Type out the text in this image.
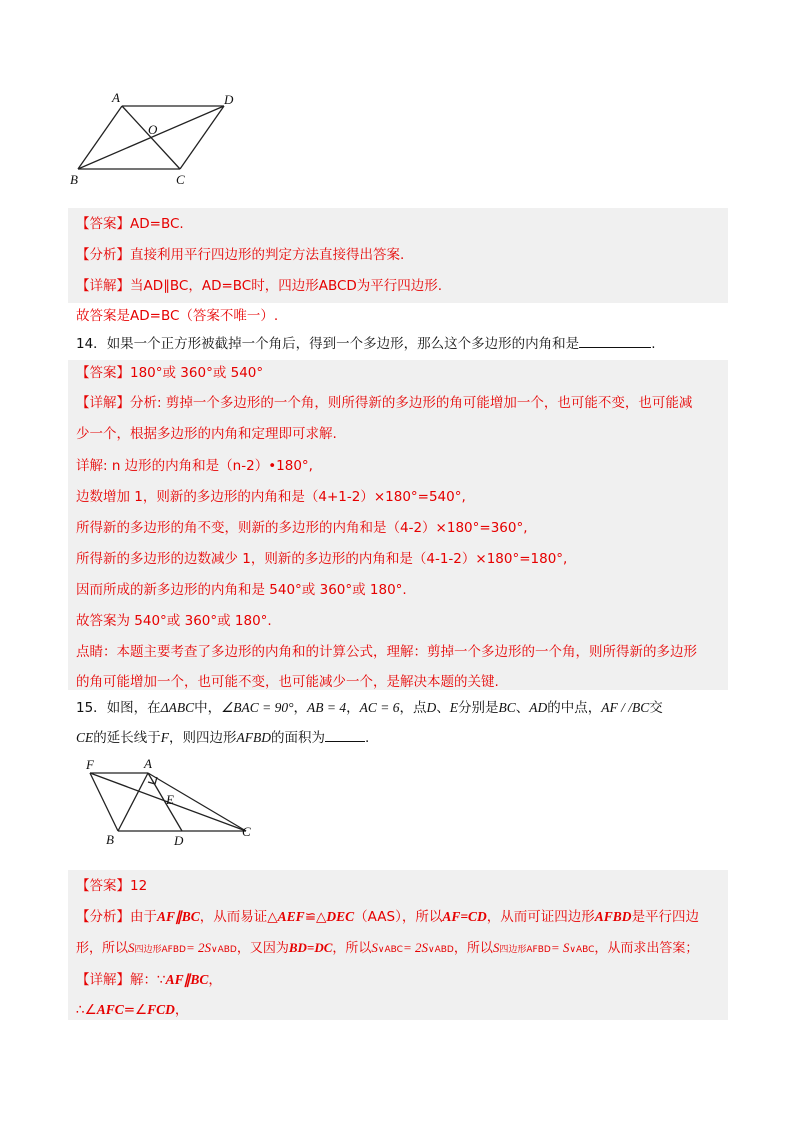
A	D
O
B	C
【答案】AD=BC.
【分析】直接利用平行四边形的判定方法直接得出答案.
【详解】当AD∥BC，AD=BC时，四边形ABCD为平行四边形.
故答案是AD=BC（答案不唯一）.
14．如果一个正方形被截掉一个角后，得到一个多边形，那么这个多边形的内角和是	.
【答案】180°或 360°或 540°
【详解】分析: 剪掉一个多边形的一个角，则所得新的多边形的角可能增加一个，也可能不变，也可能减
少一个，根据多边形的内角和定理即可求解.
详解: n 边形的内角和是（n-2）•180°,
边数增加 1，则新的多边形的内角和是（4+1-2）×180°=540°,
所得新的多边形的角不变，则新的多边形的内角和是（4-2）×180°=360°,
所得新的多边形的边数减少 1，则新的多边形的内角和是（4-1-2）×180°=180°,
因而所成的新多边形的内角和是 540°或 360°或 180°.
故答案为 540°或 360°或 180°.
点睛：本题主要考查了多边形的内角和的计算公式，理解：剪掉一个多边形的一个角，则所得新的多边形
的角可能增加一个，也可能不变，也可能减少一个，是解决本题的关键.
15．如图，在ΔABC中，∠BAC = 90°，AB = 4，AC = 6，点D、E分别是BC、AD的中点，AF / /BC交
CE的延长线于F，则四边形AFBD的面积为	.
F	A
E
B	D
C
【答案】12
【分析】由于AF∥BC，从而易证△AEF≌△DEC（AAS），所以AF=CD，从而可证四边形AFBD是平行四边
形，所以S四边形AFBD= 2S∨ABD，又因为BD=DC，所以S∨ABC= 2S∨ABD，所以S四边形AFBD= S∨ABC，从而求出答案；
【详解】解：∵AF∥BC，
∴∠AFC=∠FCD，
